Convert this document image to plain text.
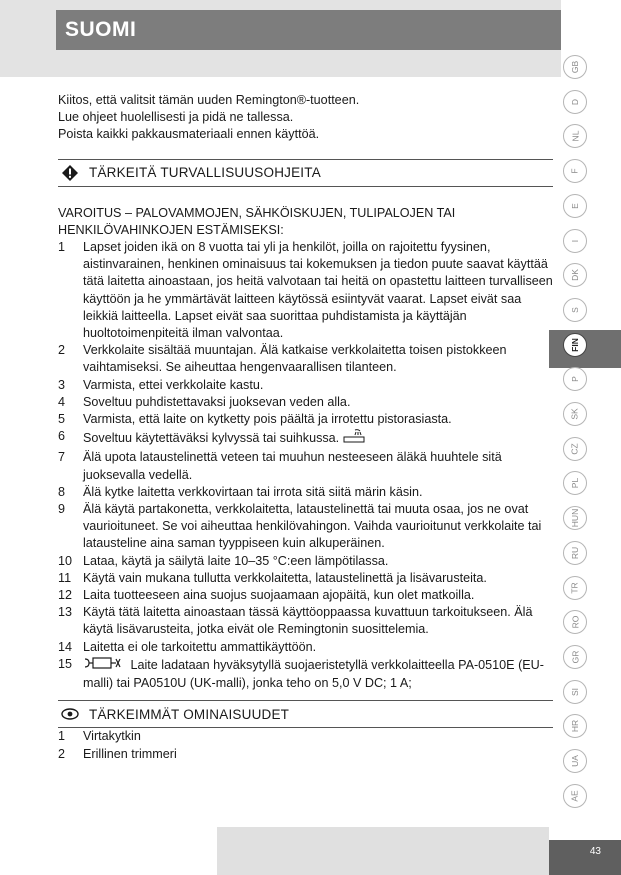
SUOMI
GB
D
NL
F
E
I
DK
S
FIN
P
SK
CZ
PL
HUN
RU
TR
RO
GR
SI
HR
UA
AE

Kiitos, että valitsit tämän uuden Remington®-tuotteen.

Lue ohjeet huolellisesti ja pidä ne tallessa.

Poista kaikki pakkausmateriaali ennen käyttöä.

TÄRKEITÄ TURVALLISUUSOHJEITA

VAROITUS – PALOVAMMOJEN, SÄHKÖISKUJEN, TULIPALOJEN TAI HENKILÖVAHINKOJEN ESTÄMISEKSI:

1 Lapset joiden ikä on 8 vuotta tai yli ja henkilöt, joilla on rajoitettu fyysinen, aistinvarainen, henkinen ominaisuus tai kokemuksen ja tiedon puute saavat käyttää tätä laitetta ainoastaan, jos heitä valvotaan tai heitä on opastettu laitteen turvalliseen käyttöön ja he ymmärtävät laitteen käytössä esiintyvät vaarat. Lapset eivät saa leikkiä laitteella. Lapset eivät saa suorittaa puhdistamista ja käyttäjän huoltotoimenpiteitä ilman valvontaa.
2 Verkkolaite sisältää muuntajan. Älä katkaise verkkolaitetta toisen pistokkeen vaihtamiseksi. Se aiheuttaa hengenvaarallisen tilanteen.
3 Varmista, ettei verkkolaite kastu.
4 Soveltuu puhdistettavaksi juoksevan veden alla.
5 Varmista, että laite on kytketty pois päältä ja irrotettu pistorasiasta.
6 Soveltuu käytettäväksi kylvyssä tai suihkussa.
7 Älä upota lataustelinettä veteen tai muuhun nesteeseen äläkä huuhtele sitä juoksevalla vedellä.
8 Älä kytke laitetta verkkovirtaan tai irrota sitä siitä märin käsin.
9 Älä käytä partakonetta, verkkolaitetta, lataustelinettä tai muuta osaa, jos ne ovat vaurioituneet. Se voi aiheuttaa henkilövahingon. Vaihda vaurioitunut verkkolaite tai latausteline aina saman tyyppiseen kuin alkuperäinen.
10 Lataa, käytä ja säilytä laite 10–35 °C:een lämpötilassa.
11 Käytä vain mukana tullutta verkkolaitetta, lataustelinettä ja lisävarusteita.
12 Laita tuotteeseen aina suojus suojaamaan ajopäitä, kun olet matkoilla.
13 Käytä tätä laitetta ainoastaan tässä käyttöoppaassa kuvattuun tarkoitukseen. Älä käytä lisävarusteita, jotka eivät ole Remingtonin suosittelemia.
14 Laitetta ei ole tarkoitettu ammattikäyttöön.
15	Laite ladataan hyväksytyllä suojaeristetyllä verkkolaitteella PA-0510E (EU-malli) tai PA0510U (UK-malli), jonka teho on 5,0 V DC; 1 A;
TÄRKEIMMÄT OMINAISUUDET
1 Virtakytkin
2 Erillinen trimmeri
43
